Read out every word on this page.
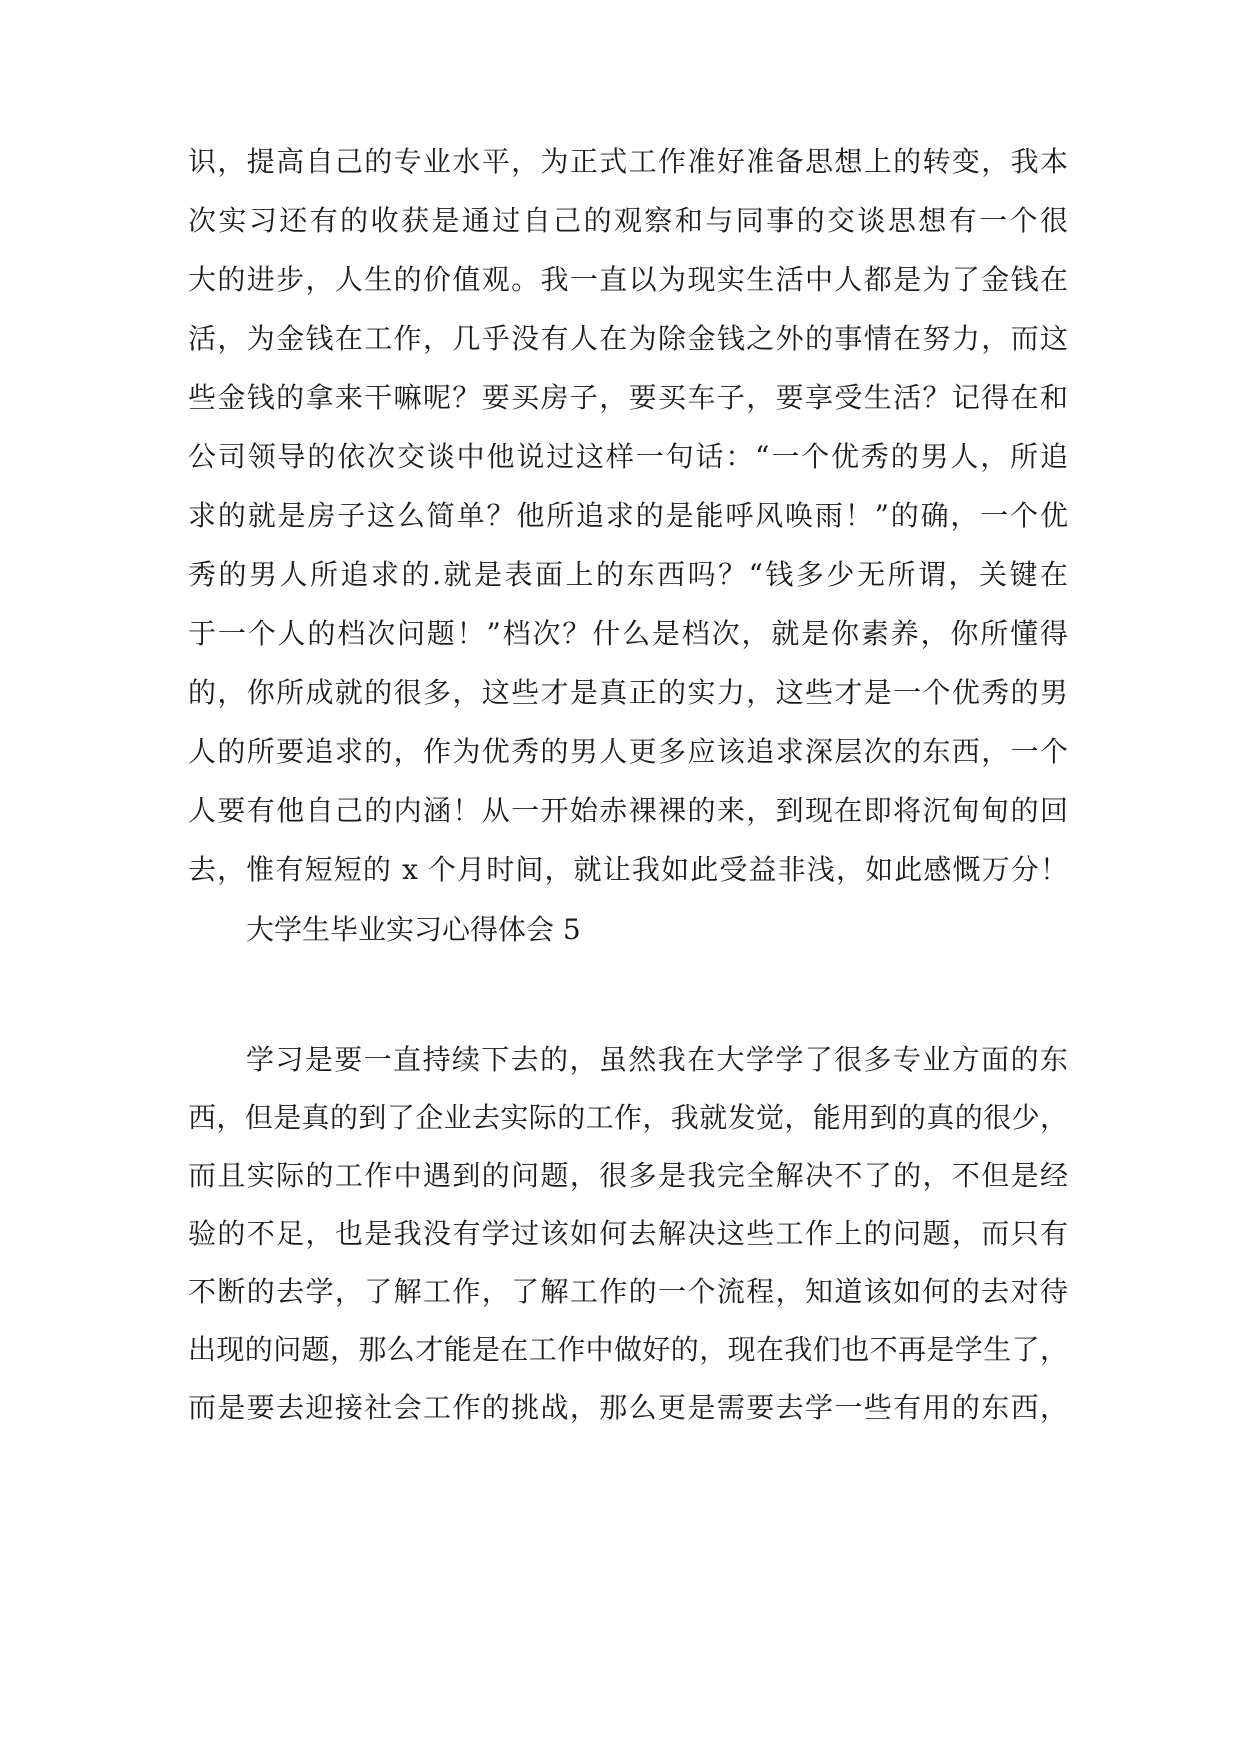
识，提高自己的专业水平，为正式工作准好准备思想上的转变，我本
次实习还有的收获是通过自己的观察和与同事的交谈思想有一个很
大的进步，人生的价值观。我一直以为现实生活中人都是为了金钱在
活，为金钱在工作，几乎没有人在为除金钱之外的事情在努力，而这
些金钱的拿来干嘛呢？要买房子，要买车子，要享受生活？记得在和
公司领导的依次交谈中他说过这样一句话：“一个优秀的男人，所追
求的就是房子这么简单？他所追求的是能呼风唤雨！”的确，一个优
秀的男人所追求的.就是表面上的东西吗？“钱多少无所谓，关键在
于一个人的档次问题！”档次？什么是档次，就是你素养，你所懂得
的，你所成就的很多，这些才是真正的实力，这些才是一个优秀的男
人的所要追求的，作为优秀的男人更多应该追求深层次的东西，一个
人要有他自己的内涵！从一开始赤裸裸的来，到现在即将沉甸甸的回
去，惟有短短的 x 个月时间，就让我如此受益非浅，如此感慨万分！
大学生毕业实习心得体会 5
学习是要一直持续下去的，虽然我在大学学了很多专业方面的东
西，但是真的到了企业去实际的工作，我就发觉，能用到的真的很少，
而且实际的工作中遇到的问题，很多是我完全解决不了的，不但是经
验的不足，也是我没有学过该如何去解决这些工作上的问题，而只有
不断的去学，了解工作，了解工作的一个流程，知道该如何的去对待
出现的问题，那么才能是在工作中做好的，现在我们也不再是学生了，
而是要去迎接社会工作的挑战，那么更是需要去学一些有用的东西，
